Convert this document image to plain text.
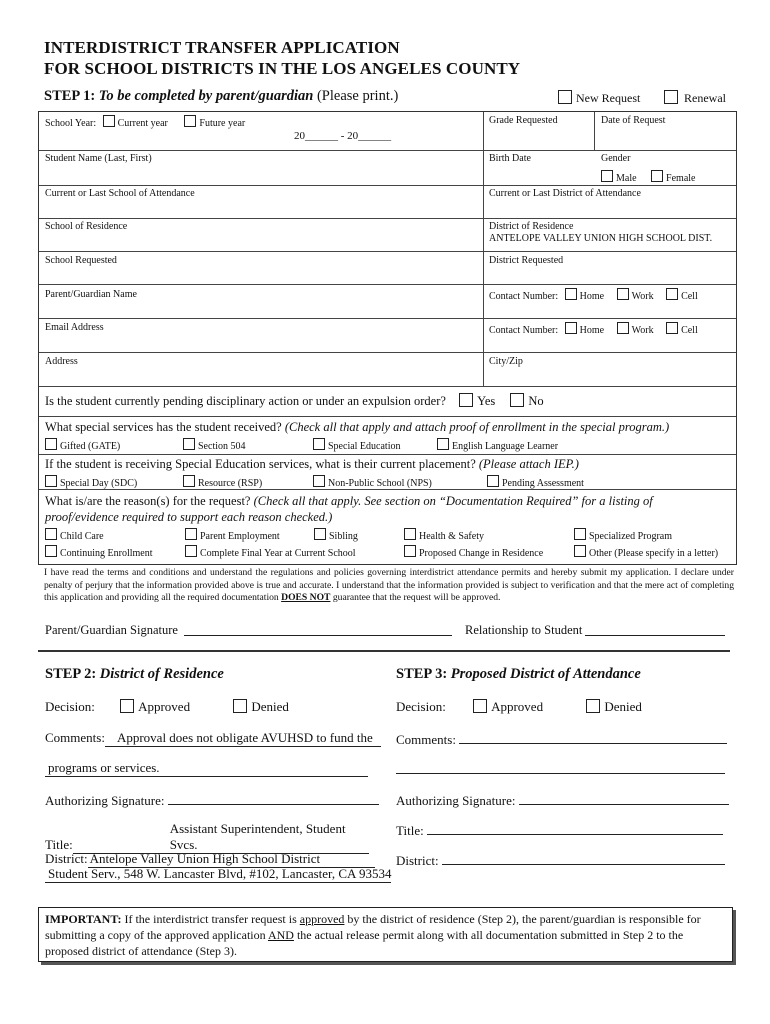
INTERDISTRICT TRANSFER APPLICATION
FOR SCHOOL DISTRICTS IN THE LOS ANGELES COUNTY
STEP 1: To be completed by parent/guardian (Please print.)	New Request	Renewal
School Year: Current year	Future year
20______ - 20______
Grade Requested	Date of Request
Student Name (Last, First)	Birth Date	Gender
Male	Female
Current or Last School of Attendance	Current or Last District of Attendance
School of Residence	District of Residence
ANTELOPE VALLEY UNION HIGH SCHOOL DIST.
School Requested	District Requested
Parent/Guardian Name	Contact Number: Home	Work	Cell
Email Address	Contact Number: Home	Work	Cell
Address	City/Zip
Is the student currently pending disciplinary action or under an expulsion order? Yes	No
What special services has the student received? (Check all that apply and attach proof of enrollment in the special program.)
Gifted (GATE)	Section 504	Special Education	English Language Learner
If the student is receiving Special Education services, what is their current placement? (Please attach IEP.)
Special Day (SDC)	Resource (RSP)	Non-Public School (NPS)	Pending Assessment
What is/are the reason(s) for the request? (Check all that apply. See section on “Documentation Required” for a listing of proof/evidence required to support each reason checked.)
Child Care	Parent Employment	Sibling	Health & Safety	Specialized Program
Continuing Enrollment	Complete Final Year at Current School	Proposed Change in Residence	Other (Please specify in a letter)
I have read the terms and conditions and understand the regulations and policies governing interdistrict attendance permits and hereby submit my application. I declare under penalty of perjury that the information provided above is true and accurate. I understand that the information provided is subject to verification and that the mere act of completing this application and providing all the required documentation DOES NOT guarantee that the request will be approved.
Parent/Guardian Signature	Relationship to Student
STEP 2: District of Residence
Decision:	Approved	Denied
Comments: Approval does not obligate AVUHSD to fund the
programs or services.
Authorizing Signature:
Title:Assistant Superintendent, Student Svcs.
District: Antelope Valley Union High School District
Student Serv., 548 W. Lancaster Blvd, #102, Lancaster, CA 93534
STEP 3: Proposed District of Attendance
Decision:	Approved	Denied
Comments:
Authorizing Signature:
Title:
District:
IMPORTANT: If the interdistrict transfer request is approved by the district of residence (Step 2), the parent/guardian is responsible for submitting a copy of the approved application AND the actual release permit along with all documentation submitted in Step 2 to the proposed district of attendance (Step 3).
